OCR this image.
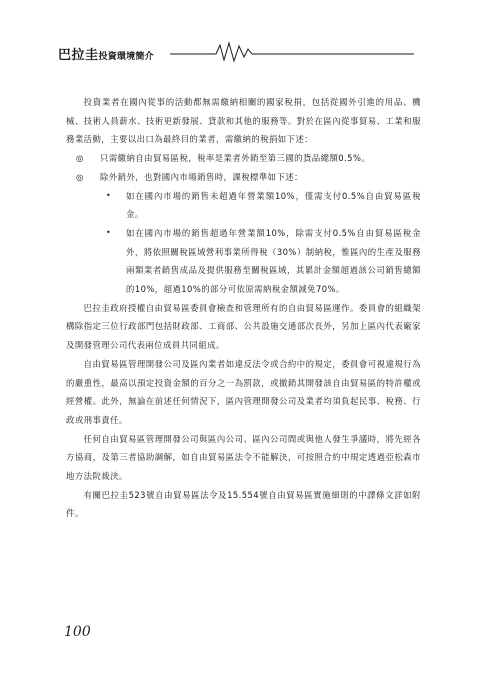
巴拉圭投資環境簡介

投資業者在國內從事的活動都無需繳納相關的國家稅捐，包括從國外引進的用品、機械、技術人員薪水、技術更新發展、貸款和其他的服務等。對於在區內從事貿易、工業和服務業活動，主要以出口為最終目的業者，需繳納的稅捐如下述：

◎ 只需繳納自由貿易區稅，稅率是業者外銷至第三國的貨品總額0.5%。
◎ 除外銷外，也對國內市場銷售時，課稅標準如下述：
• 如在國內市場的銷售未超過年營業額10%，僅需支付0.5%自由貿易區稅金。
• 如在國內市場的銷售超過年營業額10%，除需支付0.5%自由貿易區稅金外，將依照關稅區域營利事業所得稅（30%）制納稅，惟區內的生產及服務兩類業者銷售成品及提供服務至關稅區域，其累計金額超過該公司銷售總額的10%，超過10%的部分可依原需納稅金額減免70%。

巴拉圭政府授權自由貿易區委員會檢查和管理所有的自由貿易區運作。委員會的組織架構除指定三位行政部門包括財政部、工商部、公共設施交通部次長外，另加上區內代表廠家及開發管理公司代表兩位成員共同組成。

自由貿易區管理開發公司及區內業者如違反法令或合約中的規定，委員會可視違規行為的嚴重性，最高以預定投資金額的百分之一為罰款，或撤銷其開發該自由貿易區的特許權或經營權。此外，無論在前述任何情況下，區內管理開發公司及業者均須負起民事、稅務、行政或刑事責任。

任何自由貿易區管理開發公司與區內公司、區內公司間或與他人發生爭議時，將先經各方協商，及第三者協助調解，如自由貿易區法令不能解決，可按照合約中規定透過亞松森市地方法院裁決。

有關巴拉圭523號自由貿易區法令及15.554號自由貿易區實施細則的中譯條文詳如附件。

100
